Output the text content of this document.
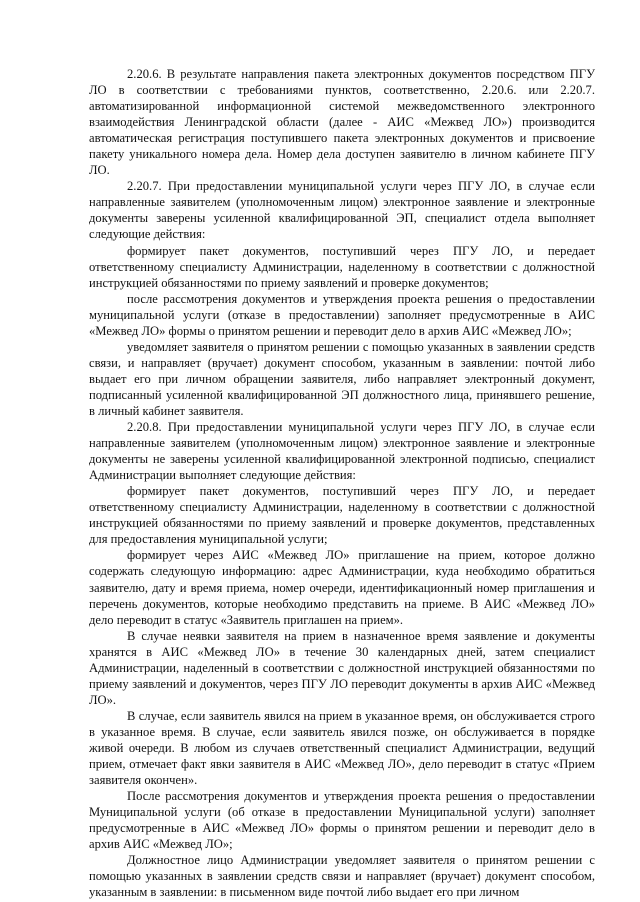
2.20.6. В результате направления пакета электронных документов посредством ПГУ ЛО в соответствии с требованиями пунктов, соответственно, 2.20.6. или 2.20.7. автоматизированной информационной системой межведомственного электронного взаимодействия Ленинградской области (далее - АИС «Межвед ЛО») производится автоматическая регистрация поступившего пакета электронных документов и присвоение пакету уникального номера дела. Номер дела доступен заявителю в личном кабинете ПГУ ЛО.

2.20.7. При предоставлении муниципальной услуги через ПГУ ЛО, в случае если направленные заявителем (уполномоченным лицом) электронное заявление и электронные документы заверены усиленной квалифицированной ЭП, специалист отдела выполняет следующие действия:

формирует пакет документов, поступивший через ПГУ ЛО, и передает ответственному специалисту Администрации, наделенному в соответствии с должностной инструкцией обязанностями по приему заявлений и проверке документов;

после рассмотрения документов и утверждения проекта решения о предоставлении муниципальной услуги (отказе в предоставлении) заполняет предусмотренные в АИС «Межвед ЛО» формы о принятом решении и переводит дело в архив АИС «Межвед ЛО»;

уведомляет заявителя о принятом решении с помощью указанных в заявлении средств связи, и направляет (вручает) документ способом, указанным в заявлении: почтой либо выдает его при личном обращении заявителя, либо направляет электронный документ, подписанный усиленной квалифицированной ЭП должностного лица, принявшего решение, в личный кабинет заявителя.

2.20.8. При предоставлении муниципальной услуги через ПГУ ЛО, в случае если направленные заявителем (уполномоченным лицом) электронное заявление и электронные документы не заверены усиленной квалифицированной электронной подписью, специалист Администрации выполняет следующие действия:

формирует пакет документов, поступивший через ПГУ ЛО, и передает ответственному специалисту Администрации, наделенному в соответствии с должностной инструкцией обязанностями по приему заявлений и проверке документов, представленных для предоставления муниципальной услуги;

формирует через АИС «Межвед ЛО» приглашение на прием, которое должно содержать следующую информацию: адрес Администрации, куда необходимо обратиться заявителю, дату и время приема, номер очереди, идентификационный номер приглашения и перечень документов, которые необходимо представить на приеме. В АИС «Межвед ЛО» дело переводит в статус «Заявитель приглашен на прием».

В случае неявки заявителя на прием в назначенное время заявление и документы хранятся в АИС «Межвед ЛО» в течение 30 календарных дней, затем специалист Администрации, наделенный в соответствии с должностной инструкцией обязанностями по приему заявлений и документов, через ПГУ ЛО переводит документы в архив АИС «Межвед ЛО».

В случае, если заявитель явился на прием в указанное время, он обслуживается строго в указанное время. В случае, если заявитель явился позже, он обслуживается в порядке живой очереди. В любом из случаев ответственный специалист Администрации, ведущий прием, отмечает факт явки заявителя в АИС «Межвед ЛО», дело переводит в статус «Прием заявителя окончен».

После рассмотрения документов и утверждения проекта решения о предоставлении Муниципальной услуги (об отказе в предоставлении Муниципальной услуги) заполняет предусмотренные в АИС «Межвед ЛО» формы о принятом решении и переводит дело в архив АИС «Межвед ЛО»;

Должностное лицо Администрации уведомляет заявителя о принятом решении с помощью указанных в заявлении средств связи и направляет (вручает) документ способом, указанным в заявлении: в письменном виде почтой либо выдает его при личном
